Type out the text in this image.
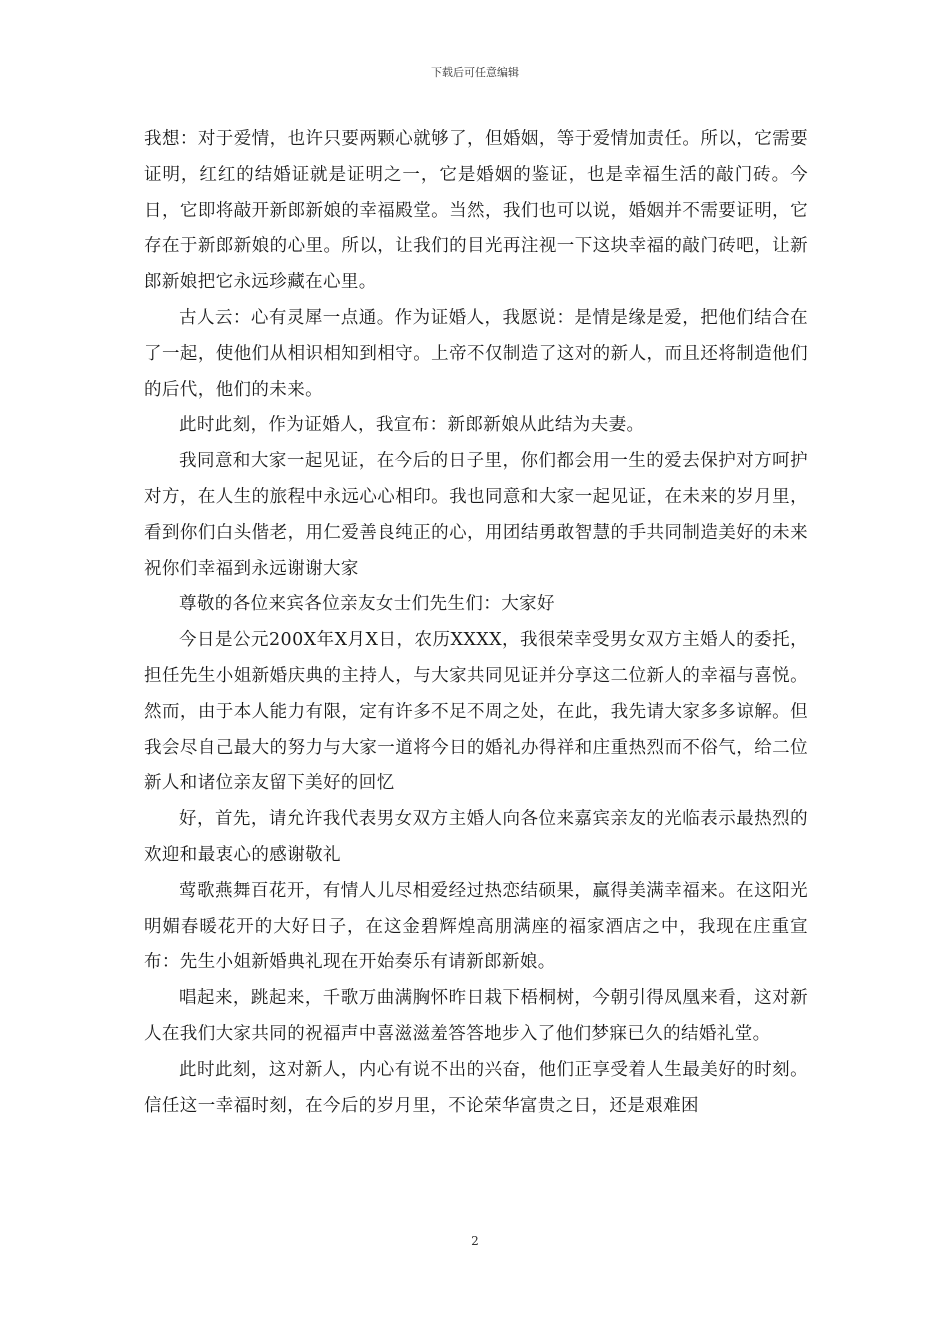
下载后可任意编辑

我想：对于爱情，也许只要两颗心就够了，但婚姻，等于爱情加责任。所以，它需要证明，红红的结婚证就是证明之一，它是婚姻的鉴证，也是幸福生活的敲门砖。今日，它即将敲开新郎新娘的幸福殿堂。当然，我们也可以说，婚姻并不需要证明，它存在于新郎新娘的心里。所以，让我们的目光再注视一下这块幸福的敲门砖吧，让新郎新娘把它永远珍藏在心里。

古人云：心有灵犀一点通。作为证婚人，我愿说：是情是缘是爱，把他们结合在了一起，使他们从相识相知到相守。上帝不仅制造了这对的新人，而且还将制造他们的后代，他们的未来。

此时此刻，作为证婚人，我宣布：新郎新娘从此结为夫妻。

我同意和大家一起见证，在今后的日子里，你们都会用一生的爱去保护对方呵护对方，在人生的旅程中永远心心相印。我也同意和大家一起见证，在未来的岁月里，看到你们白头偕老，用仁爱善良纯正的心，用团结勇敢智慧的手共同制造美好的未来祝你们幸福到永远谢谢大家

尊敬的各位来宾各位亲友女士们先生们：大家好

今日是公元200X年X月X日，农历XXXX，我很荣幸受男女双方主婚人的委托，担任先生小姐新婚庆典的主持人，与大家共同见证并分享这二位新人的幸福与喜悦。然而，由于本人能力有限，定有许多不足不周之处，在此，我先请大家多多谅解。但我会尽自己最大的努力与大家一道将今日的婚礼办得祥和庄重热烈而不俗气，给二位新人和诸位亲友留下美好的回忆

好，首先，请允许我代表男女双方主婚人向各位来嘉宾亲友的光临表示最热烈的欢迎和最衷心的感谢敬礼

莺歌燕舞百花开，有情人儿尽相爱经过热恋结硕果，赢得美满幸福来。在这阳光明媚春暖花开的大好日子，在这金碧辉煌高朋满座的福家酒店之中，我现在庄重宣布：先生小姐新婚典礼现在开始奏乐有请新郎新娘。

唱起来，跳起来，千歌万曲满胸怀昨日栽下梧桐树，今朝引得凤凰来看，这对新人在我们大家共同的祝福声中喜滋滋羞答答地步入了他们梦寐已久的结婚礼堂。

此时此刻，这对新人，内心有说不出的兴奋，他们正享受着人生最美好的时刻。信任这一幸福时刻，在今后的岁月里，不论荣华富贵之日，还是艰难困

2
